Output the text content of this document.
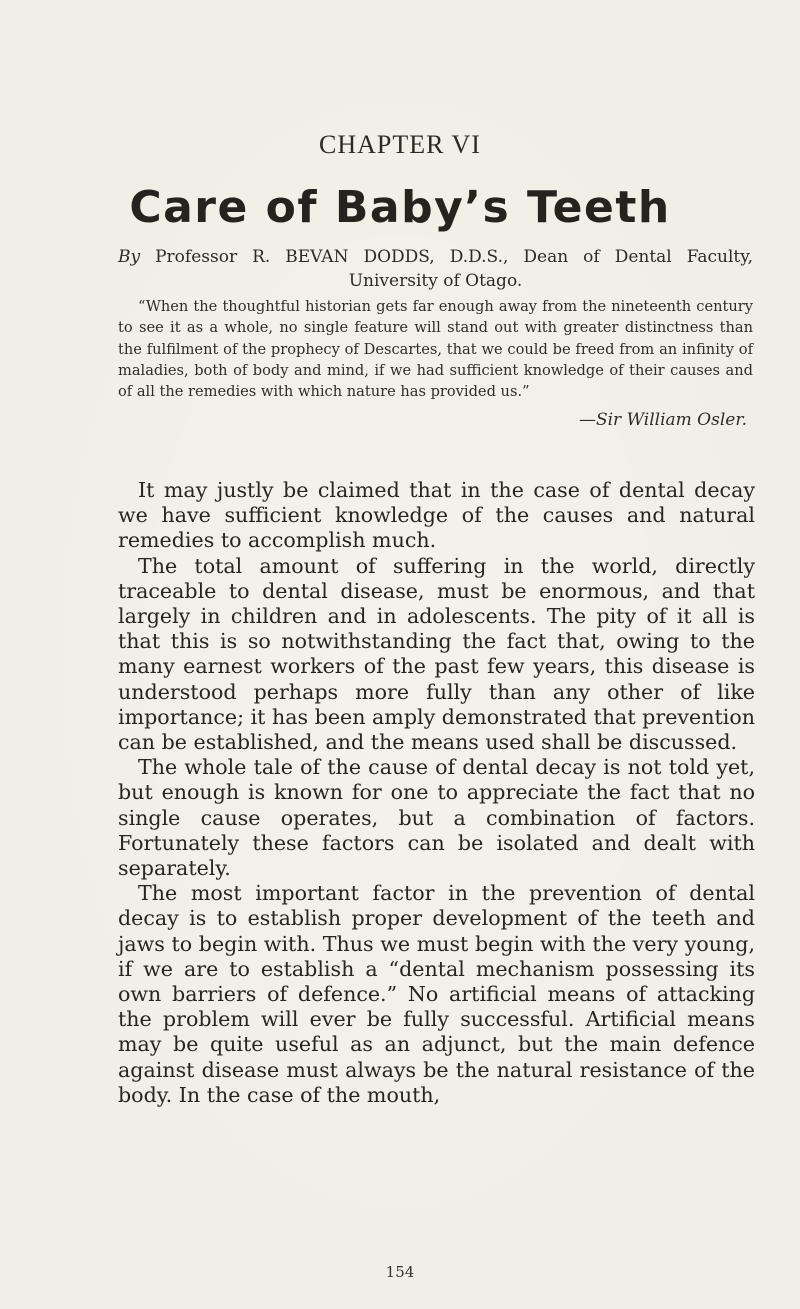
CHAPTER VI
Care of Baby’s Teeth
By Professor R. BEVAN DODDS, D.D.S., Dean of Dental Faculty, University of Otago.
“When the thoughtful historian gets far enough away from the nineteenth century to see it as a whole, no single feature will stand out with greater distinctness than the fulfilment of the prophecy of Descartes, that we could be freed from an infinity of maladies, both of body and mind, if we had sufficient knowledge of their causes and of all the remedies with which nature has provided us.”
—Sir William Osler.

It may justly be claimed that in the case of dental decay we have sufficient knowledge of the causes and natural remedies to accomplish much.

The total amount of suffering in the world, directly traceable to dental disease, must be enormous, and that largely in children and in adolescents. The pity of it all is that this is so notwithstanding the fact that, owing to the many earnest workers of the past few years, this disease is understood perhaps more fully than any other of like importance; it has been amply demonstrated that prevention can be established, and the means used shall be discussed.

The whole tale of the cause of dental decay is not told yet, but enough is known for one to appreciate the fact that no single cause operates, but a combination of factors. Fortunately these factors can be isolated and dealt with separately.

The most important factor in the prevention of dental decay is to establish proper development of the teeth and jaws to begin with. Thus we must begin with the very young, if we are to establish a “dental mechanism possessing its own barriers of defence.” No artificial means of attacking the problem will ever be fully successful. Artificial means may be quite useful as an adjunct, but the main defence against disease must always be the natural resistance of the body. In the case of the mouth,

154
